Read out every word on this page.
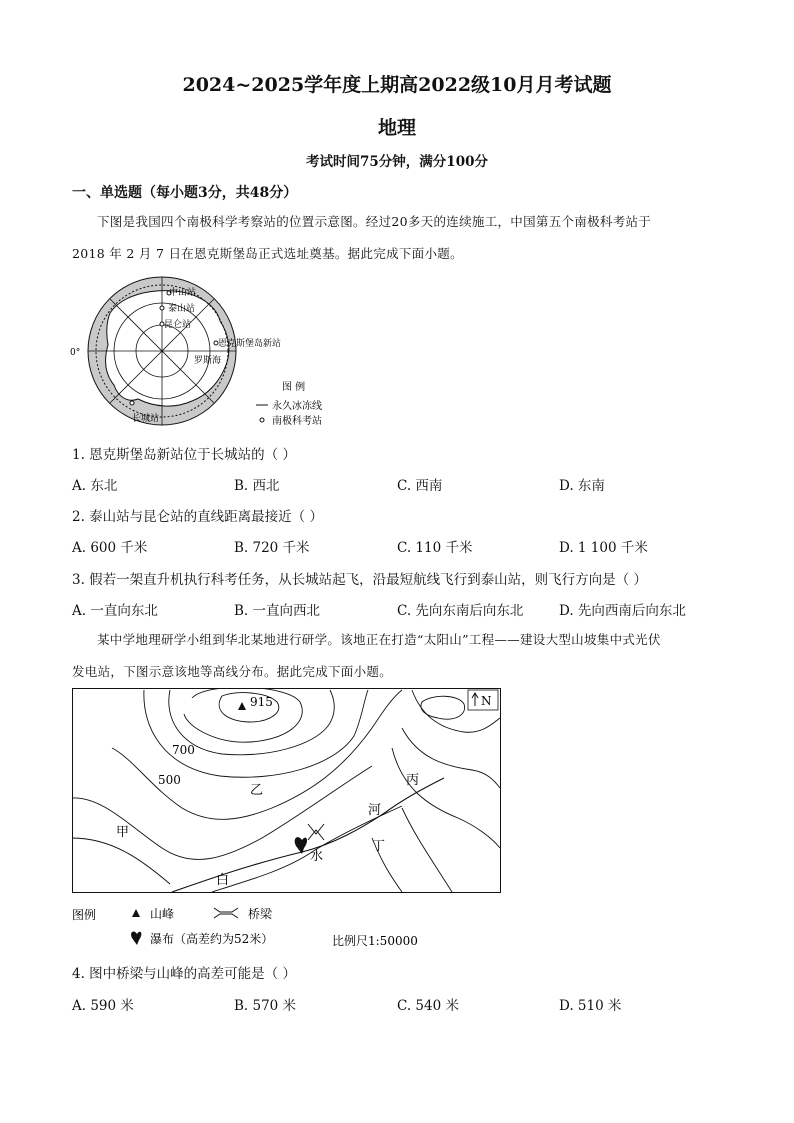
2024~2025学年度上期高2022级10月月考试题
地理
考试时间75分钟，满分100分
一、单选题（每小题3分，共48分）
下图是我国四个南极科学考察站的位置示意图。经过20多天的连续施工，中国第五个南极科考站于
2018 年 2 月 7 日在恩克斯堡岛正式选址奠基。据此完成下面小题。
0°
中山站
泰山站
昆仑站
恩克斯堡岛新站
罗斯海
长城站
图 例
永久冰冻线
南极科考站
1. 恩克斯堡岛新站位于长城站的（ ）
A. 东北	B. 西北	C. 西南	D. 东南
2. 泰山站与昆仑站的直线距离最接近（ ）
A. 600 千米	B. 720 千米	C. 110 千米	D. 1 100 千米
3. 假若一架直升机执行科考任务，从长城站起飞，沿最短航线飞行到泰山站，则飞行方向是（ ）
A. 一直向东北	B. 一直向西北	C. 先向东南后向东北	D. 先向西南后向东北
某中学地理研学小组到华北某地进行研学。该地正在打造“太阳山”工程——建设大型山坡集中式光伏
发电站，下图示意该地等高线分布。据此完成下面小题。
915
700
500
N
乙
丙
河
丁
甲
水
白
图例	山峰	桥梁
瀑布（高差约为52米）	比例尺1:50000
4. 图中桥梁与山峰的高差可能是（ ）
A. 590 米	B. 570 米	C. 540 米	D. 510 米
